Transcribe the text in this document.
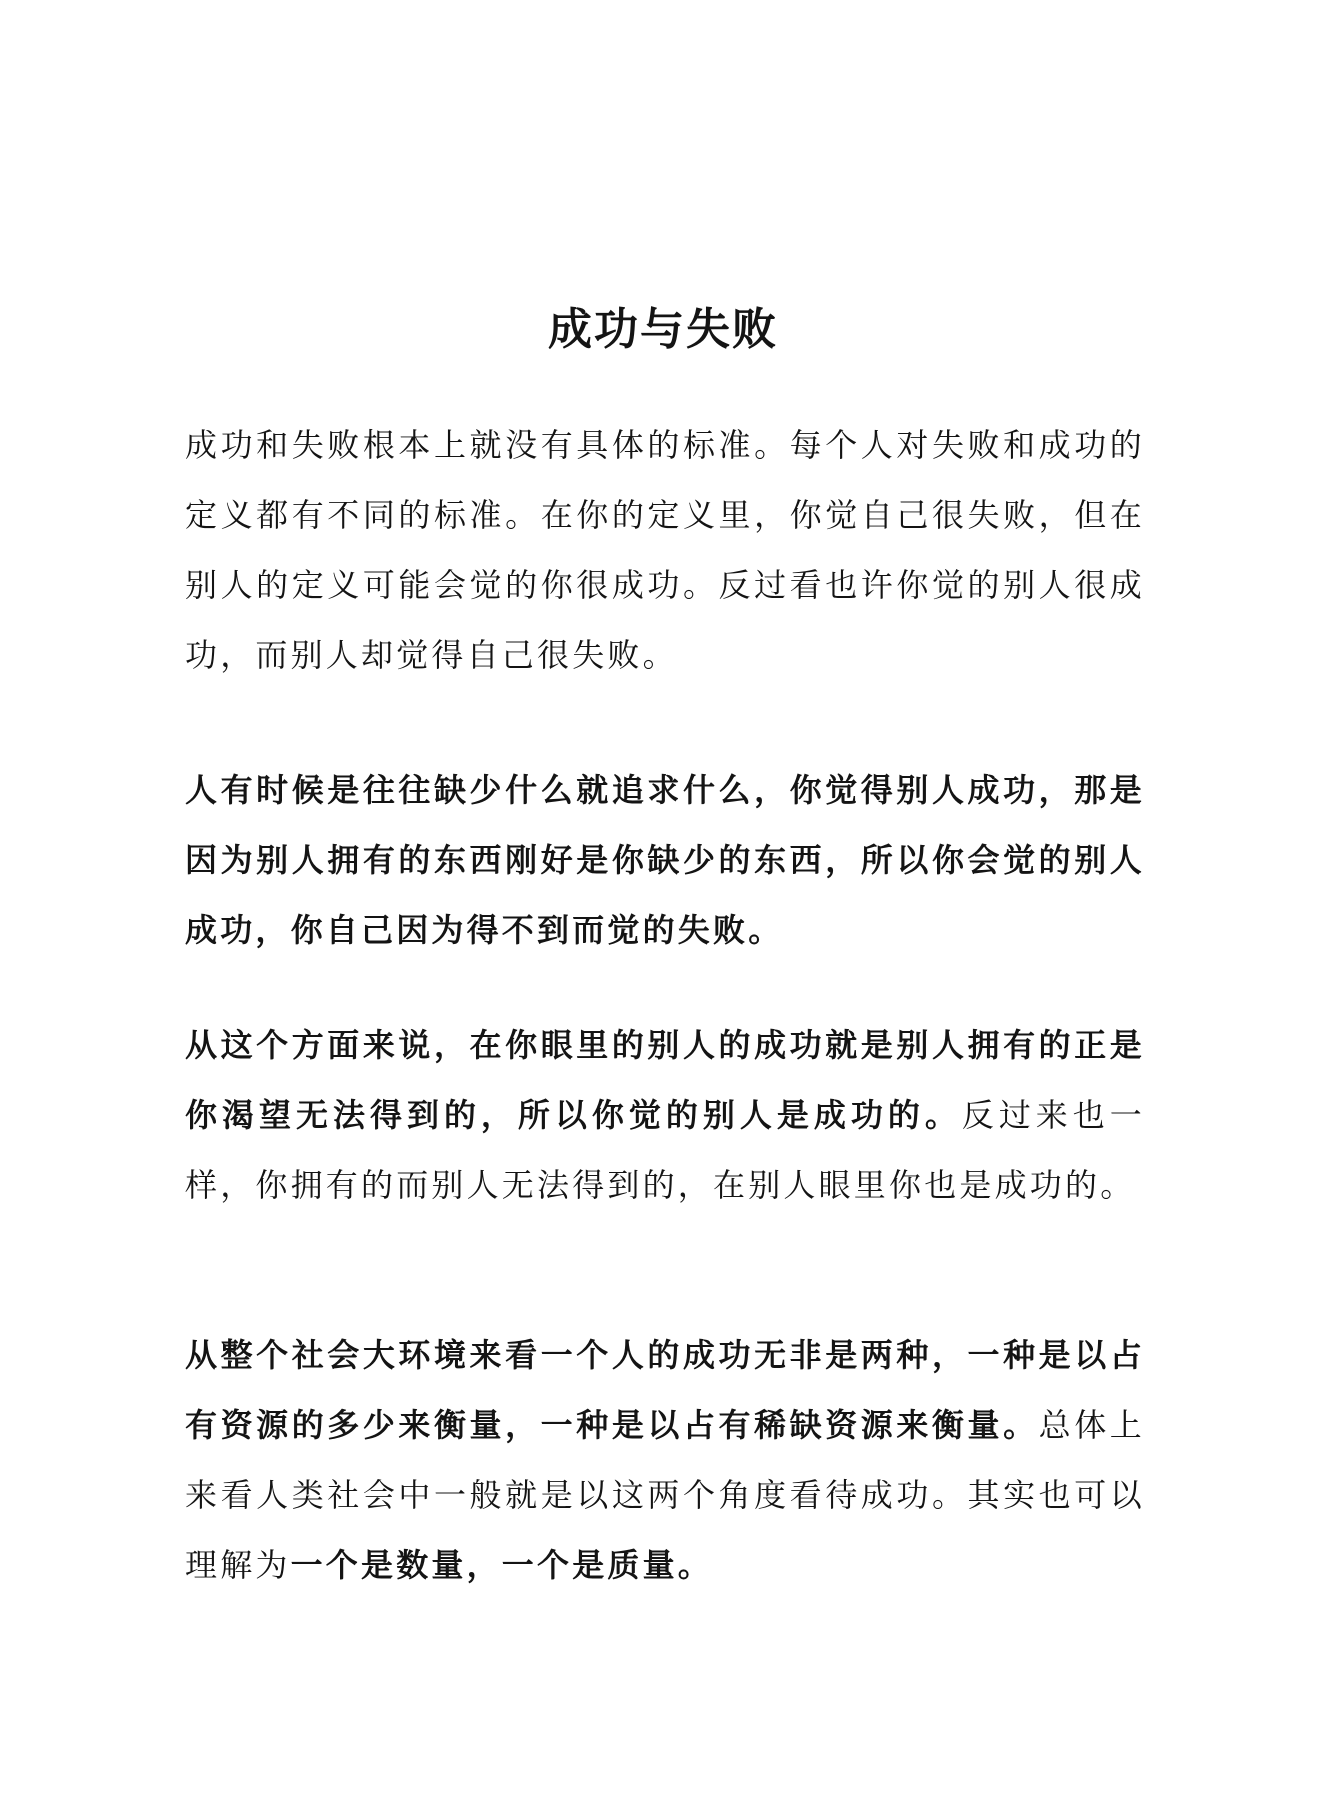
成功与失败

成功和失败根本上就没有具体的标准。每个人对失败和成功的定义都有不同的标准。在你的定义里，你觉自己很失败，但在别人的定义可能会觉的你很成功。反过看也许你觉的别人很成功，而别人却觉得自己很失败。

人有时候是往往缺少什么就追求什么，你觉得别人成功，那是因为别人拥有的东西刚好是你缺少的东西，所以你会觉的别人成功，你自己因为得不到而觉的失败。

从这个方面来说，在你眼里的别人的成功就是别人拥有的正是你渴望无法得到的，所以你觉的别人是成功的。反过来也一样，你拥有的而别人无法得到的，在别人眼里你也是成功的。

从整个社会大环境来看一个人的成功无非是两种，一种是以占有资源的多少来衡量，一种是以占有稀缺资源来衡量。总体上来看人类社会中一般就是以这两个角度看待成功。其实也可以理解为一个是数量，一个是质量。
